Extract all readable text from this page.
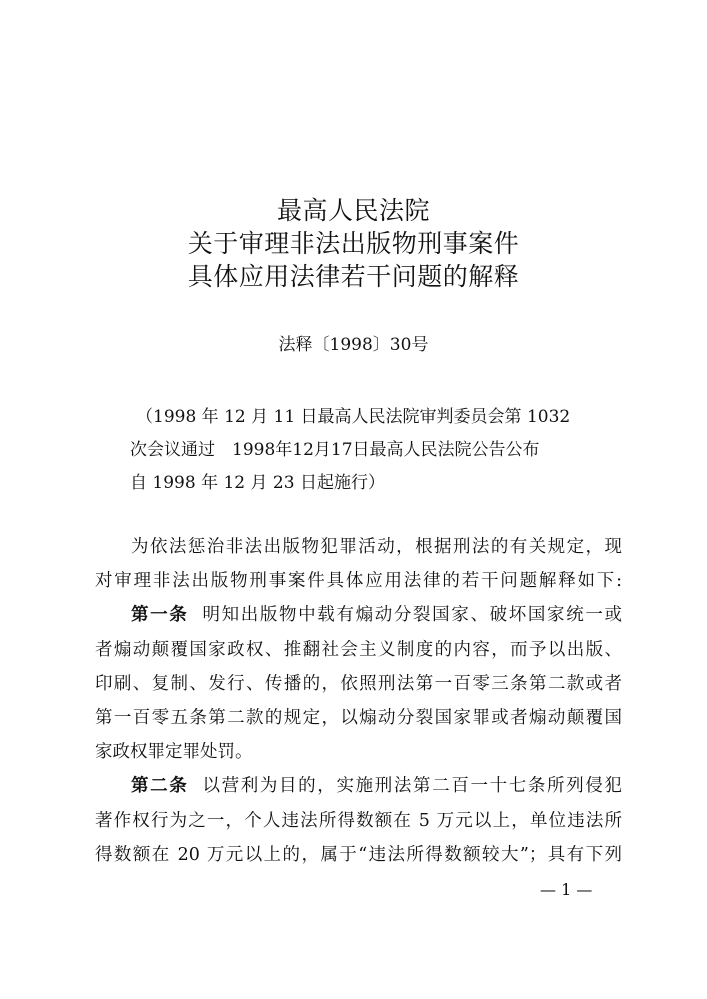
最高人民法院
关于审理非法出版物刑事案件
具体应用法律若干问题的解释
法释〔1998〕30号
（1998 年 12 月 11 日最高人民法院审判委员会第 1032
次会议通过　1998年12月17日最高人民法院公告公布
自 1998 年 12 月 23 日起施行）
为依法惩治非法出版物犯罪活动，根据刑法的有关规定，现
对审理非法出版物刑事案件具体应用法律的若干问题解释如下:
第一条 明知出版物中载有煽动分裂国家、破坏国家统一或
者煽动颠覆国家政权、推翻社会主义制度的内容，而予以出版、
印刷、复制、发行、传播的，依照刑法第一百零三条第二款或者
第一百零五条第二款的规定，以煽动分裂国家罪或者煽动颠覆国
家政权罪定罪处罚。
第二条 以营利为目的，实施刑法第二百一十七条所列侵犯
著作权行为之一，个人违法所得数额在 5 万元以上，单位违法所
得数额在 20 万元以上的，属于“违法所得数额较大”；具有下列
— 1 —
